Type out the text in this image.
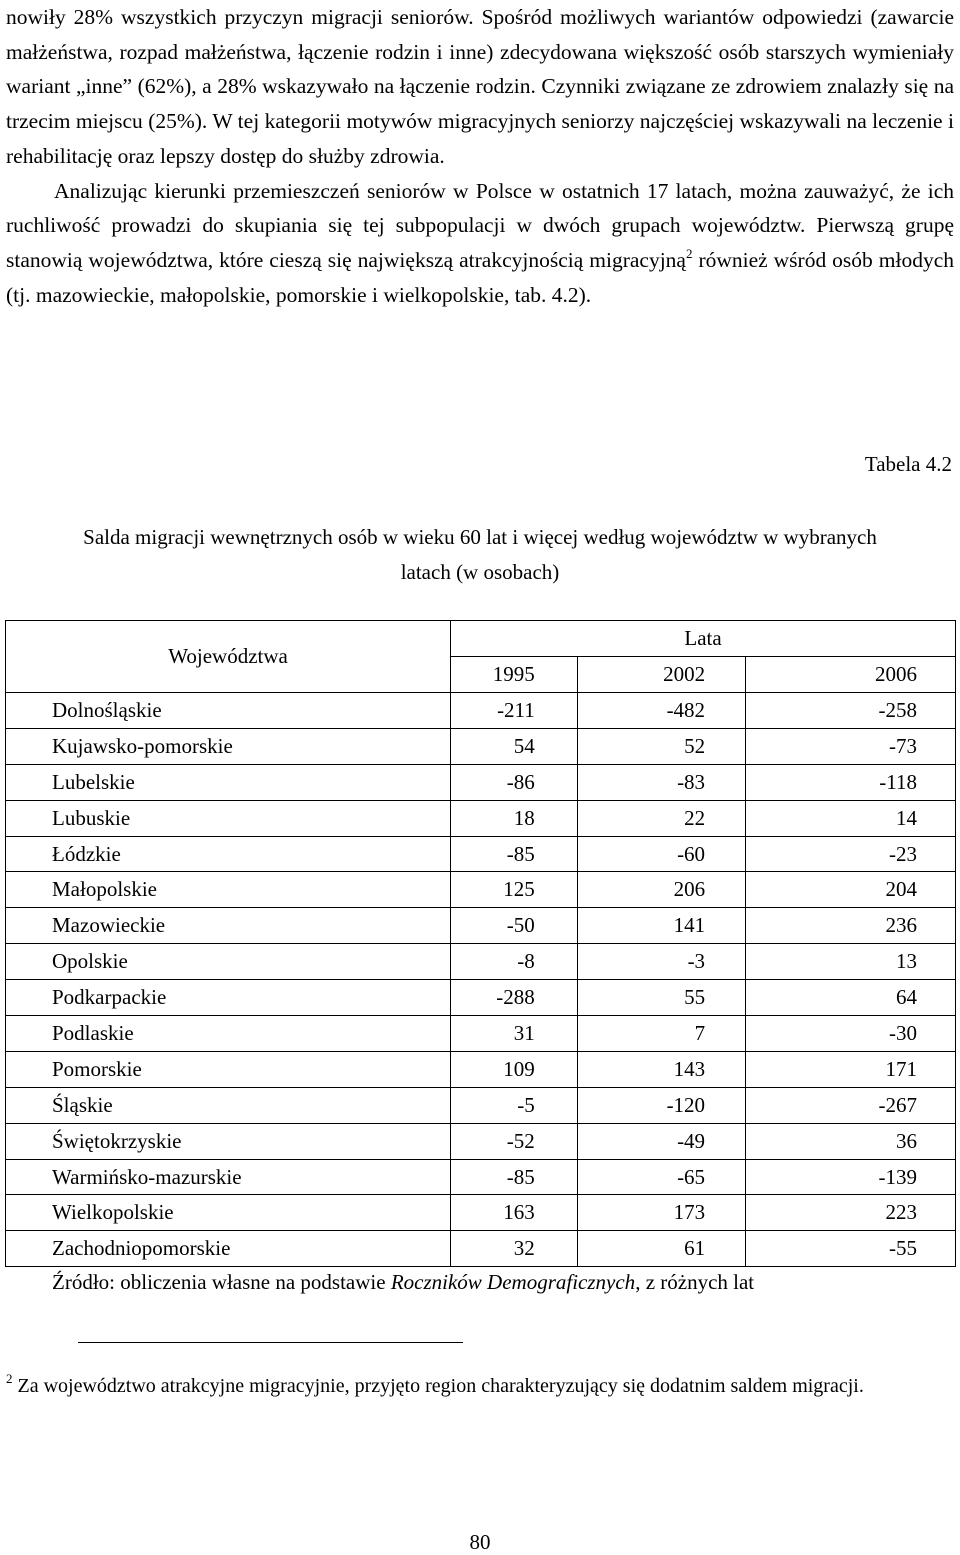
nowiły 28% wszystkich przyczyn migracji seniorów. Spośród możliwych wariantów odpowiedzi (zawarcie małżeństwa, rozpad małżeństwa, łączenie rodzin i inne) zdecydowana większość osób starszych wymieniały wariant „inne” (62%), a 28% wskazywało na łączenie rodzin. Czynniki związane ze zdrowiem znalazły się na trzecim miejscu (25%). W tej kategorii motywów migracyjnych seniorzy najczęściej wskazywali na leczenie i rehabilitację oraz lepszy dostęp do służby zdrowia.

Analizując kierunki przemieszczeń seniorów w Polsce w ostatnich 17 latach, można zauważyć, że ich ruchliwość prowadzi do skupiania się tej subpopulacji w dwóch grupach województw. Pierwszą grupę stanowią województwa, które cieszą się największą atrakcyjnością migracyjną$^2$ również wśród osób młodych (tj. mazowieckie, małopolskie, pomorskie i wielkopolskie, tab. 4.2).

Tabela 4.2
Salda migracji wewnętrznych osób w wieku 60 lat i więcej według województw w wybranych
latach (w osobach)
Województwa	Lata		
	1995	2002	2006
Dolnośląskie	-211	-482	-258
Kujawsko-pomorskie	54	52	-73
Lubelskie	-86	-83	-118
Lubuskie	18	22	14
Łódzkie	-85	-60	-23
Małopolskie	125	206	204
Mazowieckie	-50	141	236
Opolskie	-8	-3	13
Podkarpackie	-288	55	64
Podlaskie	31	7	-30
Pomorskie	109	143	171
Śląskie	-5	-120	-267
Świętokrzyskie	-52	-49	36
Warmińsko-mazurskie	-85	-65	-139
Wielkopolskie	163	173	223
Zachodniopomorskie	32	61	-55
Źródło: obliczenia własne na podstawie Roczników Demograficznych, z różnych lat
$^2$ Za województwo atrakcyjne migracyjnie, przyjęto region charakteryzujący się dodatnim saldem migracji.
80
